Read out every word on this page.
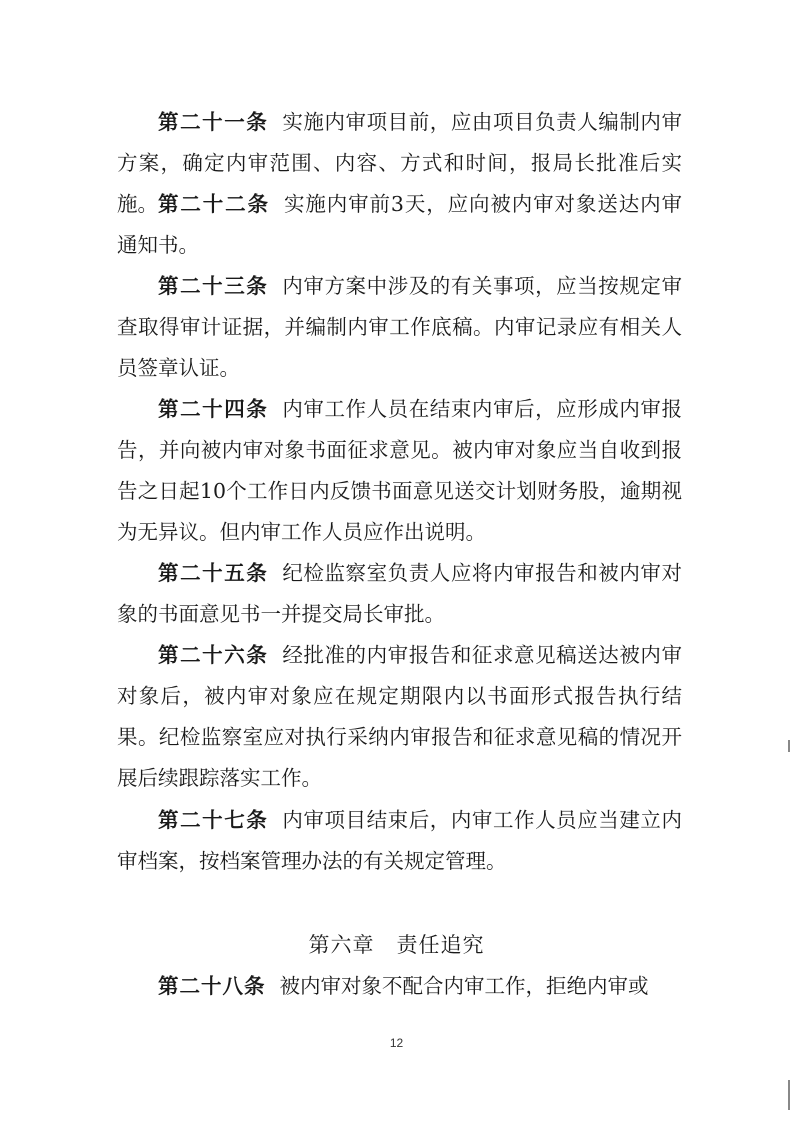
第二十一条 实施内审项目前，应由项目负责人编制内审方案，确定内审范围、内容、方式和时间，报局长批准后实施。 第二十二条 实施内审前3天，应向被内审对象送达内审通知书。

第二十三条 内审方案中涉及的有关事项，应当按规定审查取得审计证据，并编制内审工作底稿。内审记录应有相关人员签章认证。

第二十四条 内审工作人员在结束内审后，应形成内审报告，并向被内审对象书面征求意见。被内审对象应当自收到报告之日起10个工作日内反馈书面意见送交计划财务股，逾期视为无异议。但内审工作人员应作出说明。

第二十五条 纪检监察室负责人应将内审报告和被内审对象的书面意见书一并提交局长审批。

第二十六条 经批准的内审报告和征求意见稿送达被内审对象后，被内审对象应在规定期限内以书面形式报告执行结果。纪检监察室应对执行采纳内审报告和征求意见稿的情况开展后续跟踪落实工作。

第二十七条 内审项目结束后，内审工作人员应当建立内审档案，按档案管理办法的有关规定管理。

第六章 责任追究

第二十八条 被内审对象不配合内审工作，拒绝内审或

12
